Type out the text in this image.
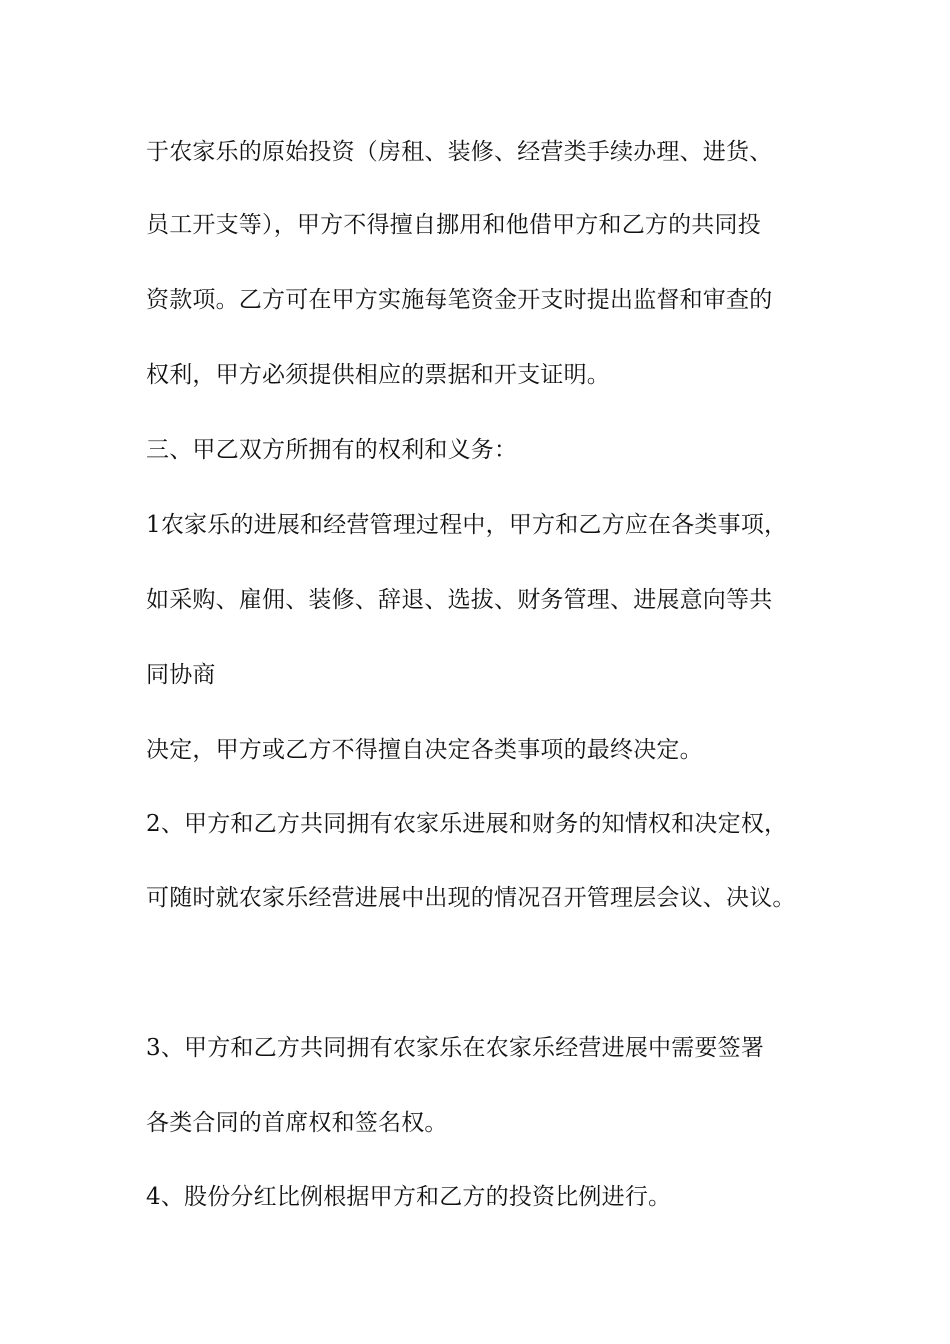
于农家乐的原始投资（房租、装修、经营类手续办理、进货、
员工开支等），甲方不得擅自挪用和他借甲方和乙方的共同投
资款项。乙方可在甲方实施每笔资金开支时提出监督和审查的
权利，甲方必须提供相应的票据和开支证明。
三、甲乙双方所拥有的权利和义务：
1农家乐的进展和经营管理过程中，甲方和乙方应在各类事项，
如采购、雇佣、装修、辞退、选拔、财务管理、进展意向等共
同协商
决定，甲方或乙方不得擅自决定各类事项的最终决定。
2、甲方和乙方共同拥有农家乐进展和财务的知情权和决定权，
可随时就农家乐经营进展中出现的情况召开管理层会议、决议。
3、甲方和乙方共同拥有农家乐在农家乐经营进展中需要签署
各类合同的首席权和签名权。
4、股份分红比例根据甲方和乙方的投资比例进行。
